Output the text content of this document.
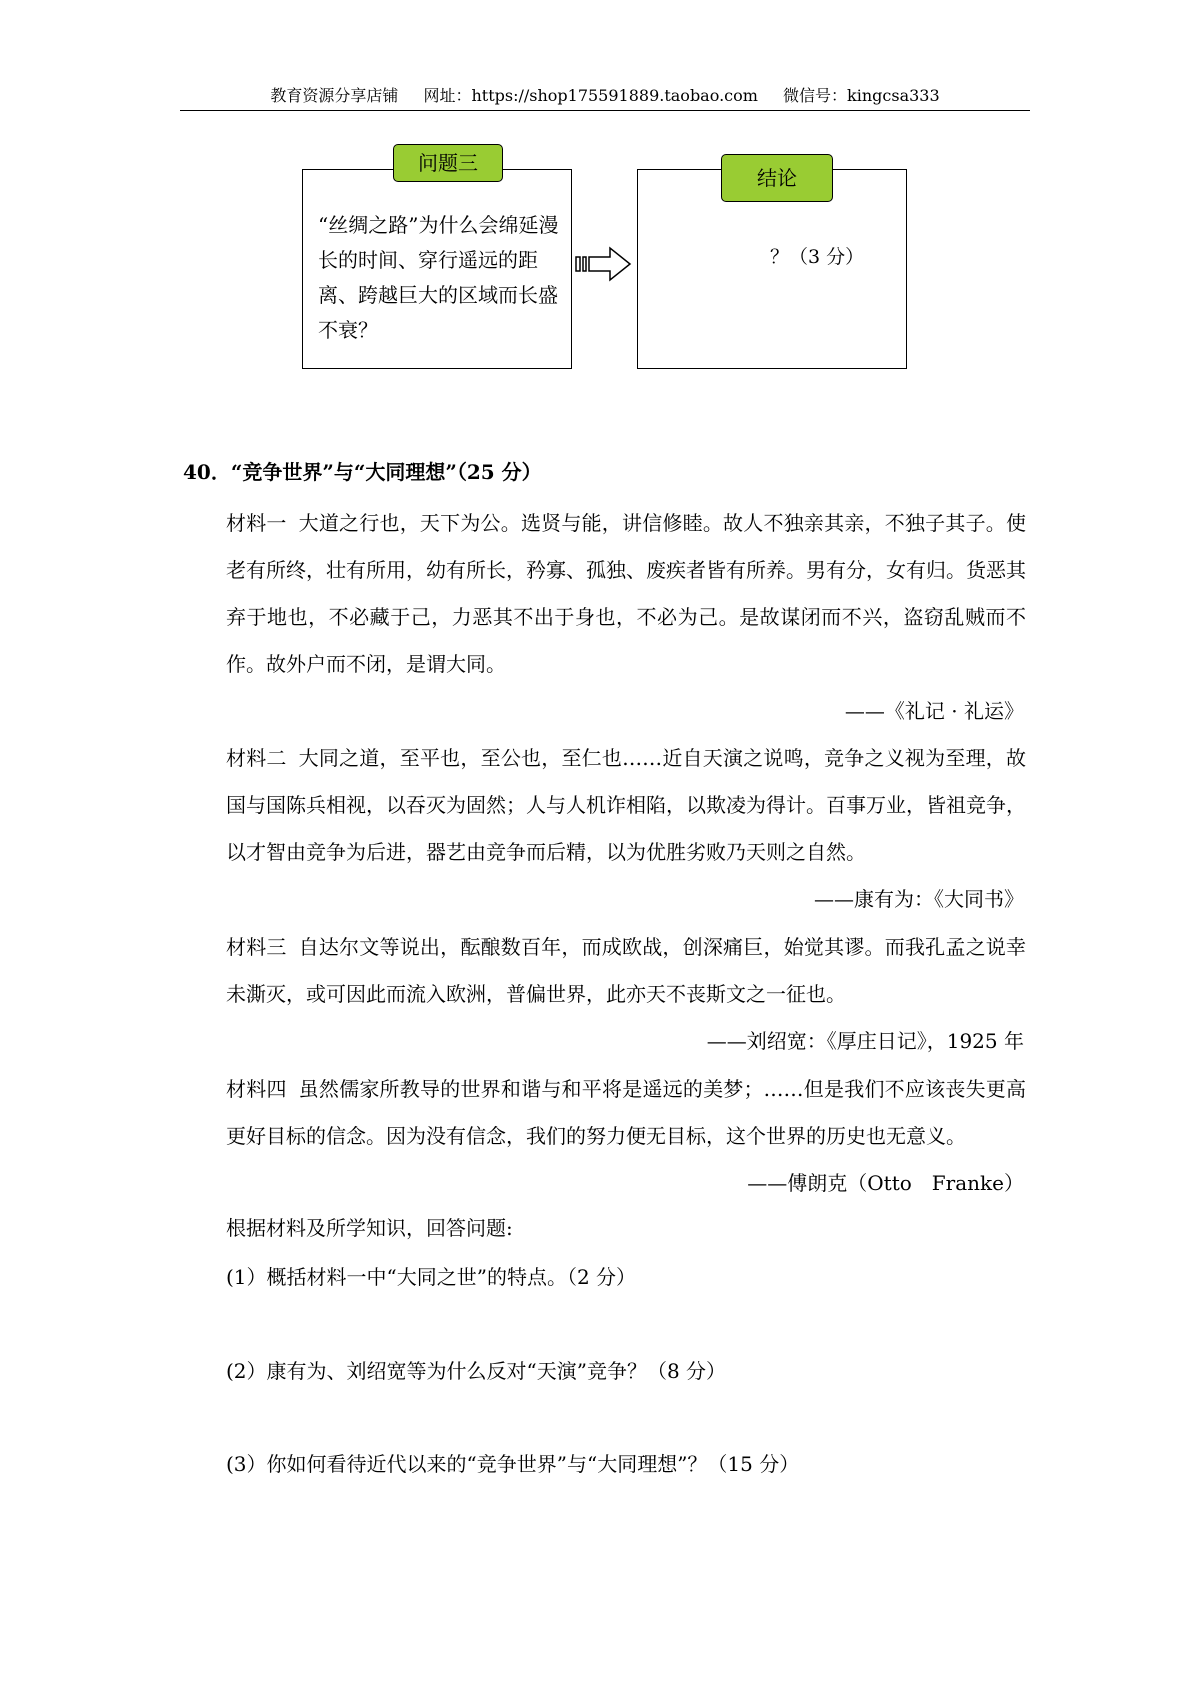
教育资源分享店铺 网址：https://shop175591889.taobao.com 微信号：kingcsa333
问题三
“丝绸之路”为什么会绵延漫长的时间、穿行遥远的距离、跨越巨大的区域而长盛不衰？
结论
？（3 分）
40．“竞争世界”与“大同理想”（25 分）
材料一 大道之行也，天下为公。选贤与能，讲信修睦。故人不独亲其亲，不独子其子。使老有所终，壮有所用，幼有所长，矜寡、孤独、废疾者皆有所养。男有分，女有归。货恶其弃于地也，不必藏于己，力恶其不出于身也，不必为己。是故谋闭而不兴，盗窃乱贼而不作。故外户而不闭，是谓大同。
——《礼记 · 礼运》
材料二 大同之道，至平也，至公也，至仁也……近自天演之说鸣，竞争之义视为至理，故国与国陈兵相视，以吞灭为固然；人与人机诈相陷，以欺凌为得计。百事万业，皆祖竞争，以才智由竞争为后进，器艺由竞争而后精，以为优胜劣败乃天则之自然。
——康有为：《大同书》
材料三 自达尔文等说出，酝酿数百年，而成欧战，创深痛巨，始觉其谬。而我孔孟之说幸未澌灭，或可因此而流入欧洲，普偏世界，此亦天不丧斯文之一征也。
——刘绍宽：《厚庄日记》，1925 年
材料四 虽然儒家所教导的世界和谐与和平将是遥远的美梦；……但是我们不应该丧失更高更好目标的信念。因为没有信念，我们的努力便无目标，这个世界的历史也无意义。
——傅朗克（Otto　Franke）
根据材料及所学知识，回答问题:
(1）概括材料一中“大同之世”的特点。（2 分）
(2）康有为、刘绍宽等为什么反对“天演”竞争？（8 分）
(3）你如何看待近代以来的“竞争世界”与“大同理想”？（15 分）
